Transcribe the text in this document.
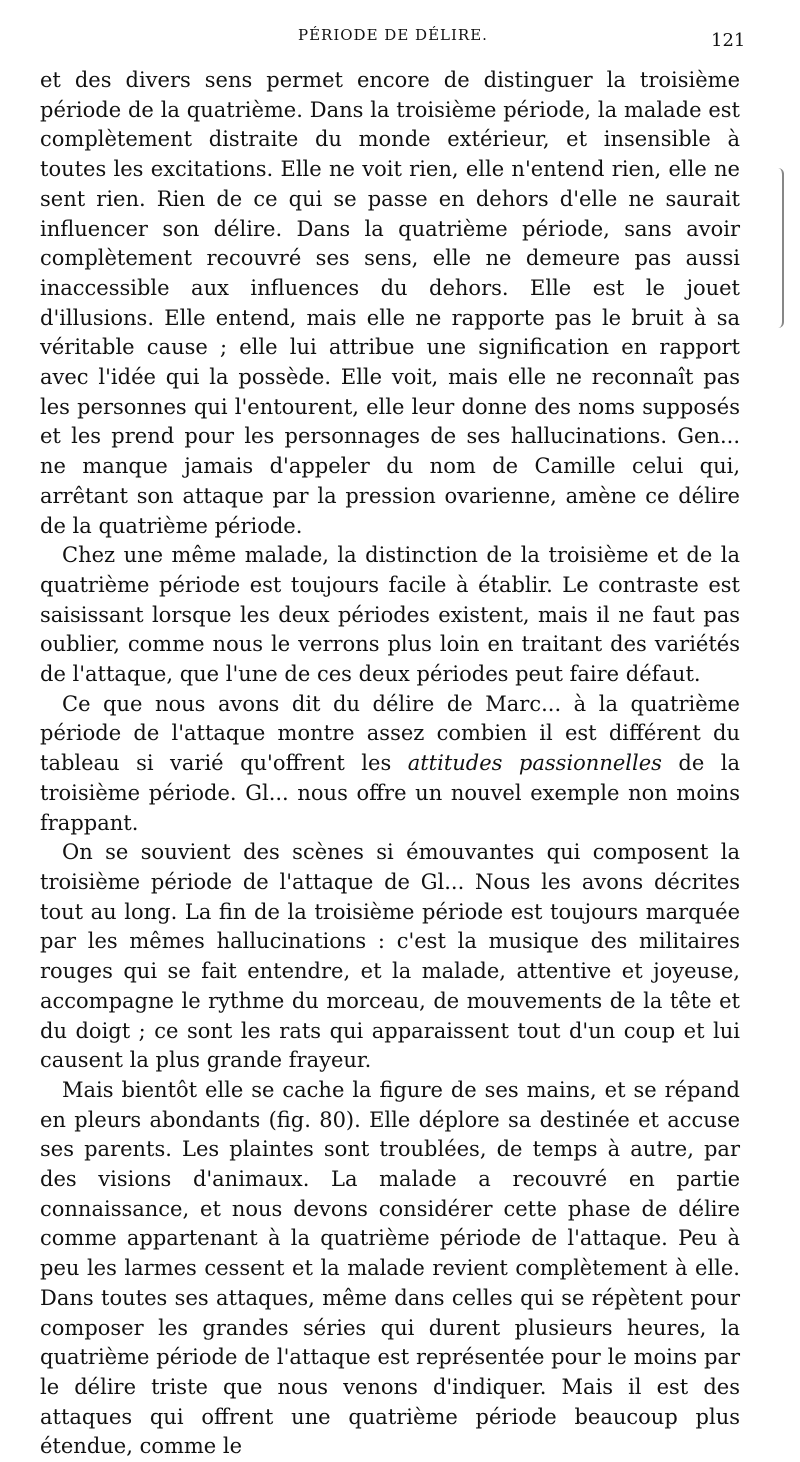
PÉRIODE DE DÉLIRE.	121

et des divers sens permet encore de distinguer la troisième période de la quatrième. Dans la troisième période, la malade est complètement distraite du monde extérieur, et insensible à toutes les excitations. Elle ne voit rien, elle n'entend rien, elle ne sent rien. Rien de ce qui se passe en dehors d'elle ne saurait influencer son délire. Dans la quatrième période, sans avoir complètement recouvré ses sens, elle ne demeure pas aussi inaccessible aux influences du dehors. Elle est le jouet d'illusions. Elle entend, mais elle ne rapporte pas le bruit à sa véritable cause ; elle lui attribue une signification en rapport avec l'idée qui la possède. Elle voit, mais elle ne reconnaît pas les personnes qui l'entourent, elle leur donne des noms supposés et les prend pour les personnages de ses hallucinations. Gen... ne manque jamais d'appeler du nom de Camille celui qui, arrêtant son attaque par la pression ovarienne, amène ce délire de la quatrième période.

Chez une même malade, la distinction de la troisième et de la quatrième période est toujours facile à établir. Le contraste est saisissant lorsque les deux périodes existent, mais il ne faut pas oublier, comme nous le verrons plus loin en traitant des variétés de l'attaque, que l'une de ces deux périodes peut faire défaut.

Ce que nous avons dit du délire de Marc... à la quatrième période de l'attaque montre assez combien il est différent du tableau si varié qu'offrent les attitudes passionnelles de la troisième période. Gl... nous offre un nouvel exemple non moins frappant.

On se souvient des scènes si émouvantes qui composent la troisième période de l'attaque de Gl... Nous les avons décrites tout au long. La fin de la troisième période est toujours marquée par les mêmes hallucinations : c'est la musique des militaires rouges qui se fait entendre, et la malade, attentive et joyeuse, accompagne le rythme du morceau, de mouvements de la tête et du doigt ; ce sont les rats qui apparaissent tout d'un coup et lui causent la plus grande frayeur.

Mais bientôt elle se cache la figure de ses mains, et se répand en pleurs abondants (fig. 80). Elle déplore sa destinée et accuse ses parents. Les plaintes sont troublées, de temps à autre, par des visions d'animaux. La malade a recouvré en partie connaissance, et nous devons considérer cette phase de délire comme appartenant à la quatrième période de l'attaque. Peu à peu les larmes cessent et la malade revient complètement à elle. Dans toutes ses attaques, même dans celles qui se répètent pour composer les grandes séries qui durent plusieurs heures, la quatrième période de l'attaque est représentée pour le moins par le délire triste que nous venons d'indiquer. Mais il est des attaques qui offrent une quatrième période beaucoup plus étendue, comme le
